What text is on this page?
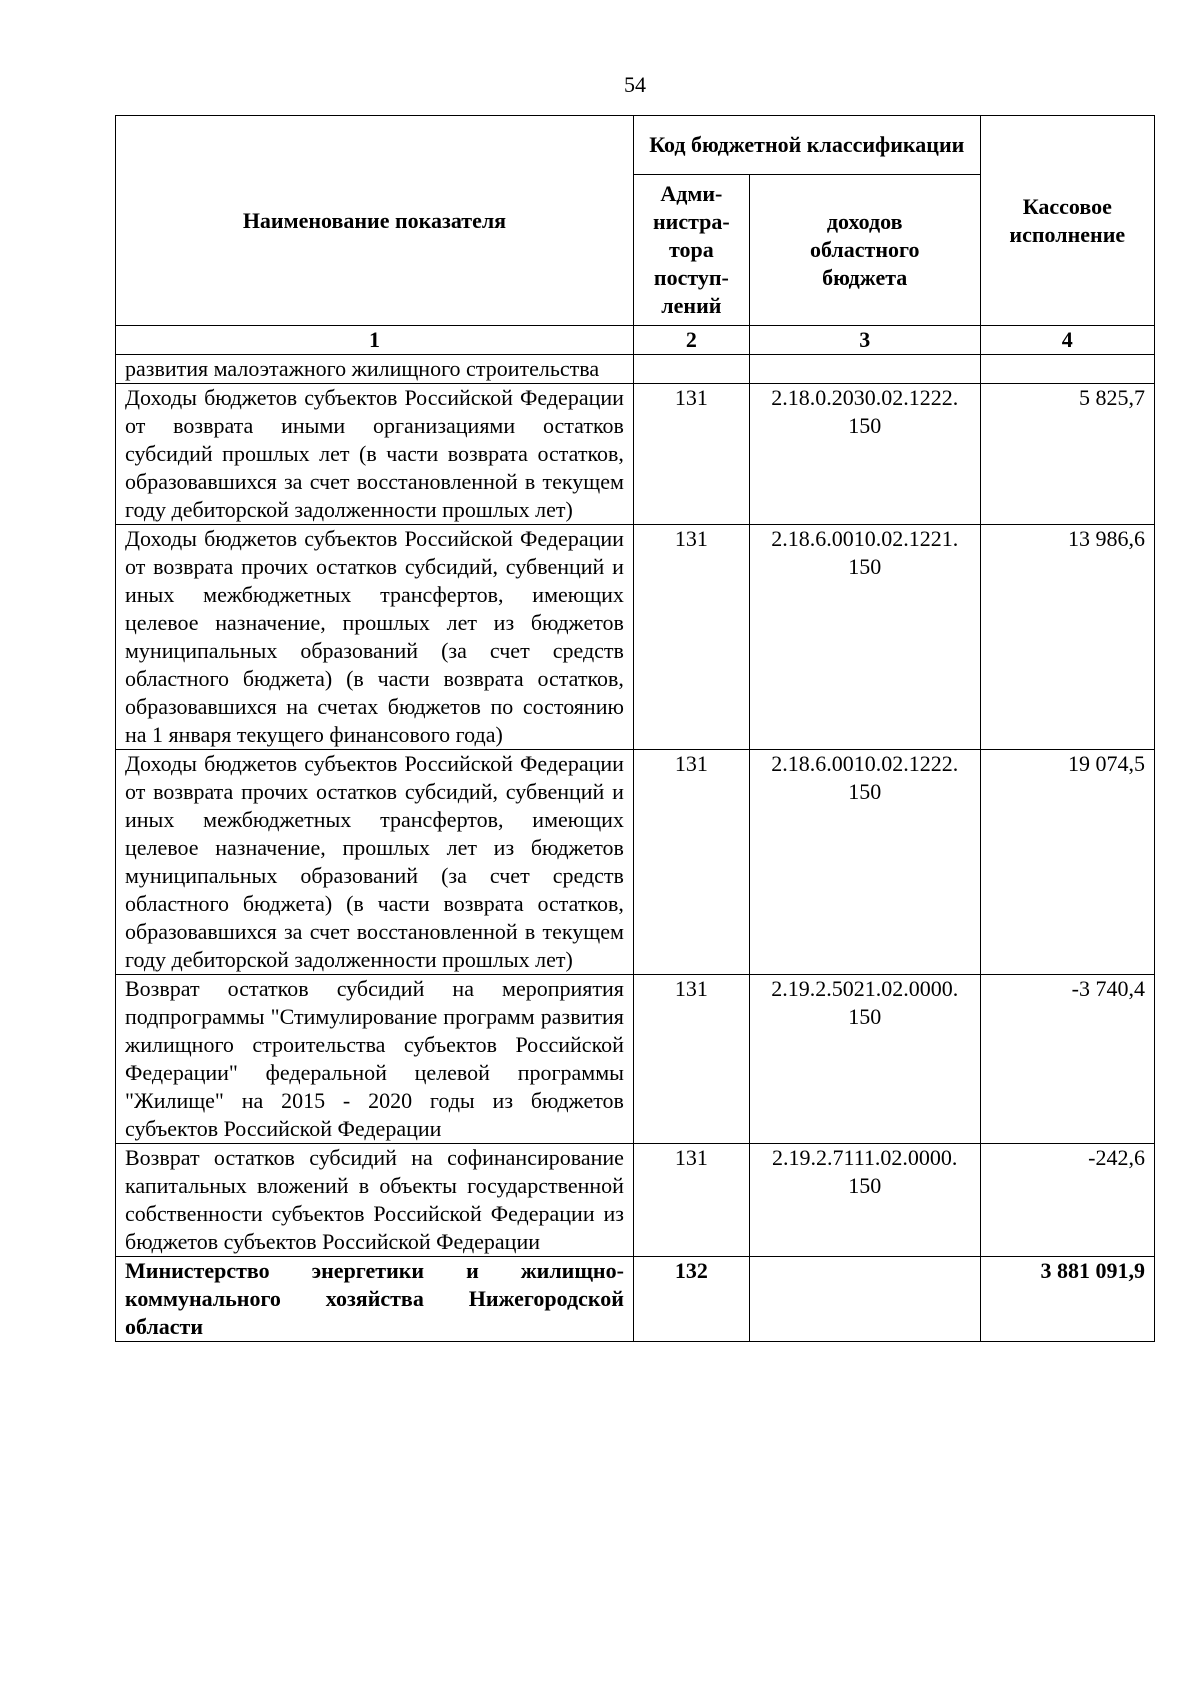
54
Наименование показателя	Код бюджетной классификации		Кассовое исполнение
	Адми-нистра-тора поступ-лений	доходов областного бюджета	
1	2	3	4
развития малоэтажного жилищного строительства			
Доходы бюджетов субъектов Российской Федерации от возврата иными организациями остатков субсидий прошлых лет (в части возврата остатков, образовавшихся за счет восстановленной в текущем году дебиторской задолженности прошлых лет)	131	2.18.0.2030.02.1222. 150	5 825,7
Доходы бюджетов субъектов Российской Федерации от возврата прочих остатков субсидий, субвенций и иных межбюджетных трансфертов, имеющих целевое назначение, прошлых лет из бюджетов муниципальных образований (за счет средств областного бюджета) (в части возврата остатков, образовавшихся на счетах бюджетов по состоянию на 1 января текущего финансового года)	131	2.18.6.0010.02.1221. 150	13 986,6
Доходы бюджетов субъектов Российской Федерации от возврата прочих остатков субсидий, субвенций и иных межбюджетных трансфертов, имеющих целевое назначение, прошлых лет из бюджетов муниципальных образований (за счет средств областного бюджета) (в части возврата остатков, образовавшихся за счет восстановленной в текущем году дебиторской задолженности прошлых лет)	131	2.18.6.0010.02.1222. 150	19 074,5
Возврат остатков субсидий на мероприятия подпрограммы "Стимулирование программ развития жилищного строительства субъектов Российской Федерации" федеральной целевой программы "Жилище" на 2015 - 2020 годы из бюджетов субъектов Российской Федерации	131	2.19.2.5021.02.0000. 150	-3 740,4
Возврат остатков субсидий на софинансирование капитальных вложений в объекты государственной собственности субъектов Российской Федерации из бюджетов субъектов Российской Федерации	131	2.19.2.7111.02.0000. 150	-242,6
Министерство энергетики и жилищно-коммунального хозяйства Нижегородской области	132		3 881 091,9
